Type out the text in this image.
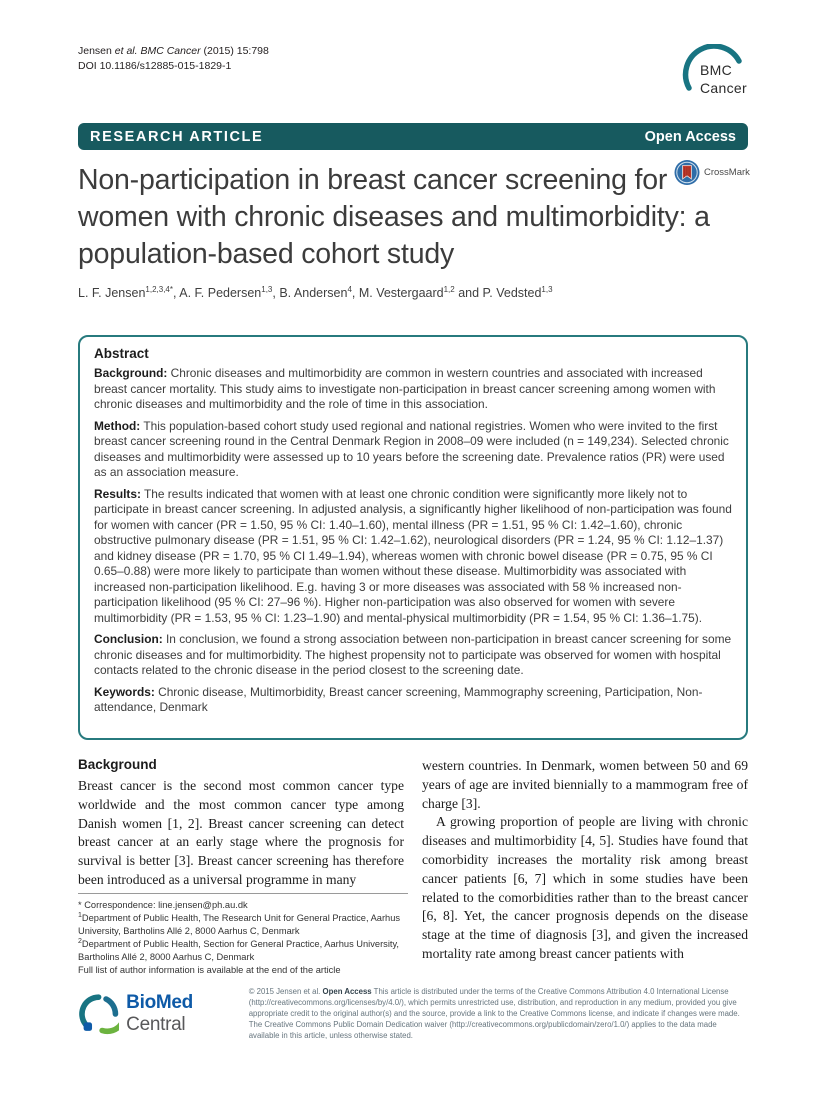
Jensen et al. BMC Cancer (2015) 15:798
DOI 10.1186/s12885-015-1829-1	BMC
Cancer
RESEARCH ARTICLE	Open Access
Non-participation in breast cancer screening for women with chronic diseases and multimorbidity: a population-based cohort study
CrossMark
L. F. Jensen$^{1,2,3,4*}$, A. F. Pedersen$^{1,3}$, B. Andersen$^4$, M. Vestergaard$^{1,2}$ and P. Vedsted$^{1,3}$
Abstract

Background: Chronic diseases and multimorbidity are common in western countries and associated with increased breast cancer mortality. This study aims to investigate non-participation in breast cancer screening among women with chronic diseases and multimorbidity and the role of time in this association.

Method: This population-based cohort study used regional and national registries. Women who were invited to the first breast cancer screening round in the Central Denmark Region in 2008–09 were included (n = 149,234). Selected chronic diseases and multimorbidity were assessed up to 10 years before the screening date. Prevalence ratios (PR) were used as an association measure.

Results: The results indicated that women with at least one chronic condition were significantly more likely not to participate in breast cancer screening. In adjusted analysis, a significantly higher likelihood of non-participation was found for women with cancer (PR = 1.50, 95 % CI: 1.40–1.60), mental illness (PR = 1.51, 95 % CI: 1.42–1.60), chronic obstructive pulmonary disease (PR = 1.51, 95 % CI: 1.42–1.62), neurological disorders (PR = 1.24, 95 % CI: 1.12–1.37) and kidney disease (PR = 1.70, 95 % CI 1.49–1.94), whereas women with chronic bowel disease (PR = 0.75, 95 % CI 0.65–0.88) were more likely to participate than women without these disease. Multimorbidity was associated with increased non-participation likelihood. E.g. having 3 or more diseases was associated with 58 % increased non-participation likelihood (95 % CI: 27–96 %). Higher non-participation was also observed for women with severe multimorbidity (PR = 1.53, 95 % CI: 1.23–1.90) and mental-physical multimorbidity (PR = 1.54, 95 % CI: 1.36–1.75).

Conclusion: In conclusion, we found a strong association between non-participation in breast cancer screening for some chronic diseases and for multimorbidity. The highest propensity not to participate was observed for women with hospital contacts related to the chronic disease in the period closest to the screening date.

Keywords: Chronic disease, Multimorbidity, Breast cancer screening, Mammography screening, Participation, Non-attendance, Denmark

Background

Breast cancer is the second most common cancer type worldwide and the most common cancer type among Danish women [1, 2]. Breast cancer screening can detect breast cancer at an early stage where the prognosis for survival is better [3]. Breast cancer screening has therefore been introduced as a universal programme in many

western countries. In Denmark, women between 50 and 69 years of age are invited biennially to a mammogram free of charge [3].

A growing proportion of people are living with chronic diseases and multimorbidity [4, 5]. Studies have found that comorbidity increases the mortality risk among breast cancer patients [6, 7] which in some studies have been related to the comorbidities rather than to the breast cancer [6, 8]. Yet, the cancer prognosis depends on the disease stage at the time of diagnosis [3], and given the increased mortality rate among breast cancer patients with

* Correspondence: line.jensen@ph.au.dk

$^1$Department of Public Health, The Research Unit for General Practice, Aarhus University, Bartholins Allé 2, 8000 Aarhus C, Denmark

$^2$Department of Public Health, Section for General Practice, Aarhus University, Bartholins Allé 2, 8000 Aarhus C, Denmark

Full list of author information is available at the end of the article

BioMed Central
© 2015 Jensen et al. Open Access This article is distributed under the terms of the Creative Commons Attribution 4.0 International License (http://creativecommons.org/licenses/by/4.0/), which permits unrestricted use, distribution, and reproduction in any medium, provided you give appropriate credit to the original author(s) and the source, provide a link to the Creative Commons license, and indicate if changes were made. The Creative Commons Public Domain Dedication waiver (http://creativecommons.org/publicdomain/zero/1.0/) applies to the data made available in this article, unless otherwise stated.
